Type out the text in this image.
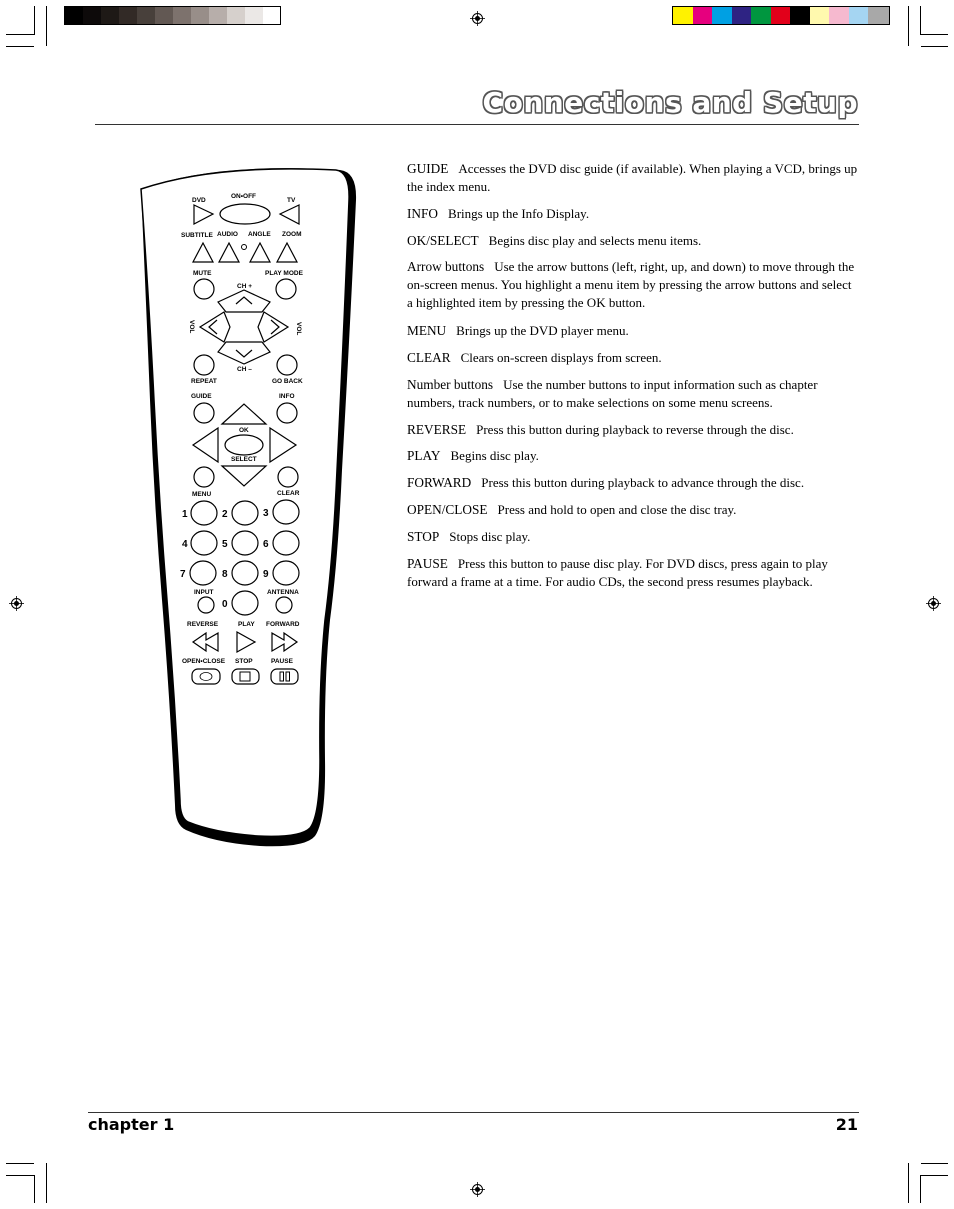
Connections and Setup
DVD
ON•OFF
TV
SUBTITLE AUDIO ANGLE ZOOM
MUTE	PLAY MODE
CH +
VOL	VOL
CH –
REPEAT	GO BACK
GUIDE	INFO
OK
SELECT
MENU	CLEAR
1	2	3
4	5	6
7	8	9
INPUT	ANTENNA
0
REVERSE	PLAY FORWARD
OPEN•CLOSE STOP	PAUSE

GUIDE Accesses the DVD disc guide (if available). When playing a VCD, brings up the index menu.

INFO Brings up the Info Display.

OK/SELECT Begins disc play and selects menu items.

Arrow buttons Use the arrow buttons (left, right, up, and down) to move through the on-screen menus. You highlight a menu item by pressing the arrow buttons and select a highlighted item by pressing the OK button.

MENU Brings up the DVD player menu.

CLEAR Clears on-screen displays from screen.

Number buttons Use the number buttons to input information such as chapter numbers, track numbers, or to make selections on some menu screens.

REVERSE Press this button during playback to reverse through the disc.

PLAY Begins disc play.

FORWARD Press this button during playback to advance through the disc.

OPEN/CLOSE Press and hold to open and close the disc tray.

STOP Stops disc play.

PAUSE Press this button to pause disc play. For DVD discs, press again to play forward a frame at a time. For audio CDs, the second press resumes playback.

chapter 1	21
